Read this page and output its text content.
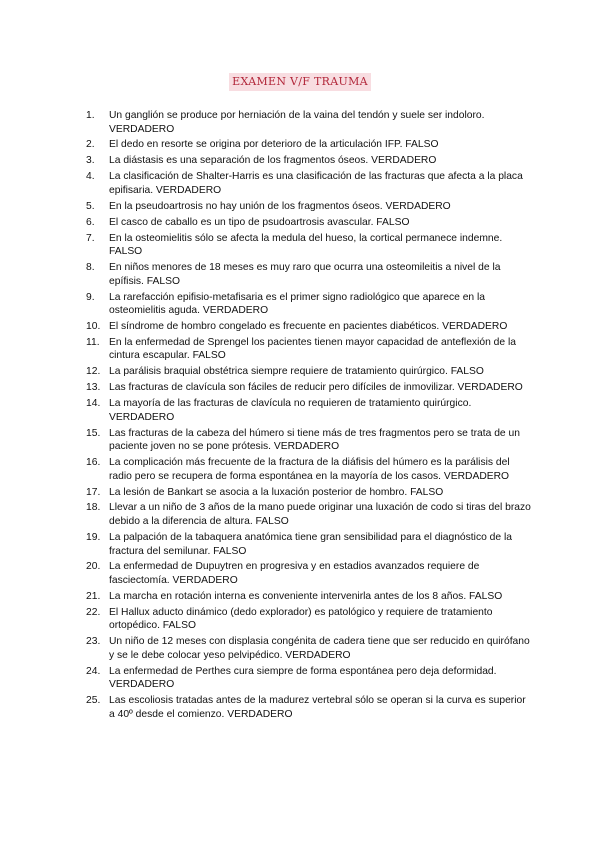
EXAMEN V/F TRAUMA
1.	Un ganglión se produce por herniación de la vaina del tendón y suele ser indoloro. VERDADERO
2.	El dedo en resorte se origina por deterioro de la articulación IFP. FALSO
3.	La diástasis es una separación de los fragmentos óseos. VERDADERO
4.	La clasificación de Shalter-Harris es una clasificación de las fracturas que afecta a la placa epifisaria. VERDADERO
5.	En la pseudoartrosis no hay unión de los fragmentos óseos. VERDADERO
6.	El casco de caballo es un tipo de psudoartrosis avascular. FALSO
7.	En la osteomielitis sólo se afecta la medula del hueso, la cortical permanece indemne. FALSO
8.	En niños menores de 18 meses es muy raro que ocurra una osteomileitis a nivel de la epífisis. FALSO
9.	La rarefacción epifisio-metafisaria es el primer signo radiológico que aparece en la osteomielitis aguda. VERDADERO
10. El síndrome de hombro congelado es frecuente en pacientes diabéticos. VERDADERO
11. En la enfermedad de Sprengel los pacientes tienen mayor capacidad de anteflexión de la cintura escapular. FALSO
12. La parálisis braquial obstétrica siempre requiere de tratamiento quirúrgico. FALSO
13. Las fracturas de clavícula son fáciles de reducir pero difíciles de inmovilizar. VERDADERO
14. La mayoría de las fracturas de clavícula no requieren de tratamiento quirúrgico. VERDADERO
15. Las fracturas de la cabeza del húmero si tiene más de tres fragmentos pero se trata de un paciente joven no se pone prótesis. VERDADERO
16. La complicación más frecuente de la fractura de la diáfisis del húmero es la parálisis del radio pero se recupera de forma espontánea en la mayoría de los casos. VERDADERO
17. La lesión de Bankart se asocia a la luxación posterior de hombro. FALSO
18. Llevar a un niño de 3 años de la mano puede originar una luxación de codo si tiras del brazo debido a la diferencia de altura. FALSO
19. La palpación de la tabaquera anatómica tiene gran sensibilidad para el diagnóstico de la fractura del semilunar. FALSO
20. La enfermedad de Dupuytren en progresiva y en estadios avanzados requiere de fasciectomía. VERDADERO
21. La marcha en rotación interna es conveniente intervenirla antes de los 8 años. FALSO
22. El Hallux aducto dinámico (dedo explorador) es patológico y requiere de tratamiento ortopédico. FALSO
23. Un niño de 12 meses con displasia congénita de cadera tiene que ser reducido en quirófano y se le debe colocar yeso pelvipédico. VERDADERO
24. La enfermedad de Perthes cura siempre de forma espontánea pero deja deformidad. VERDADERO
25. Las escoliosis tratadas antes de la madurez vertebral sólo se operan si la curva es superior a 40º desde el comienzo. VERDADERO
